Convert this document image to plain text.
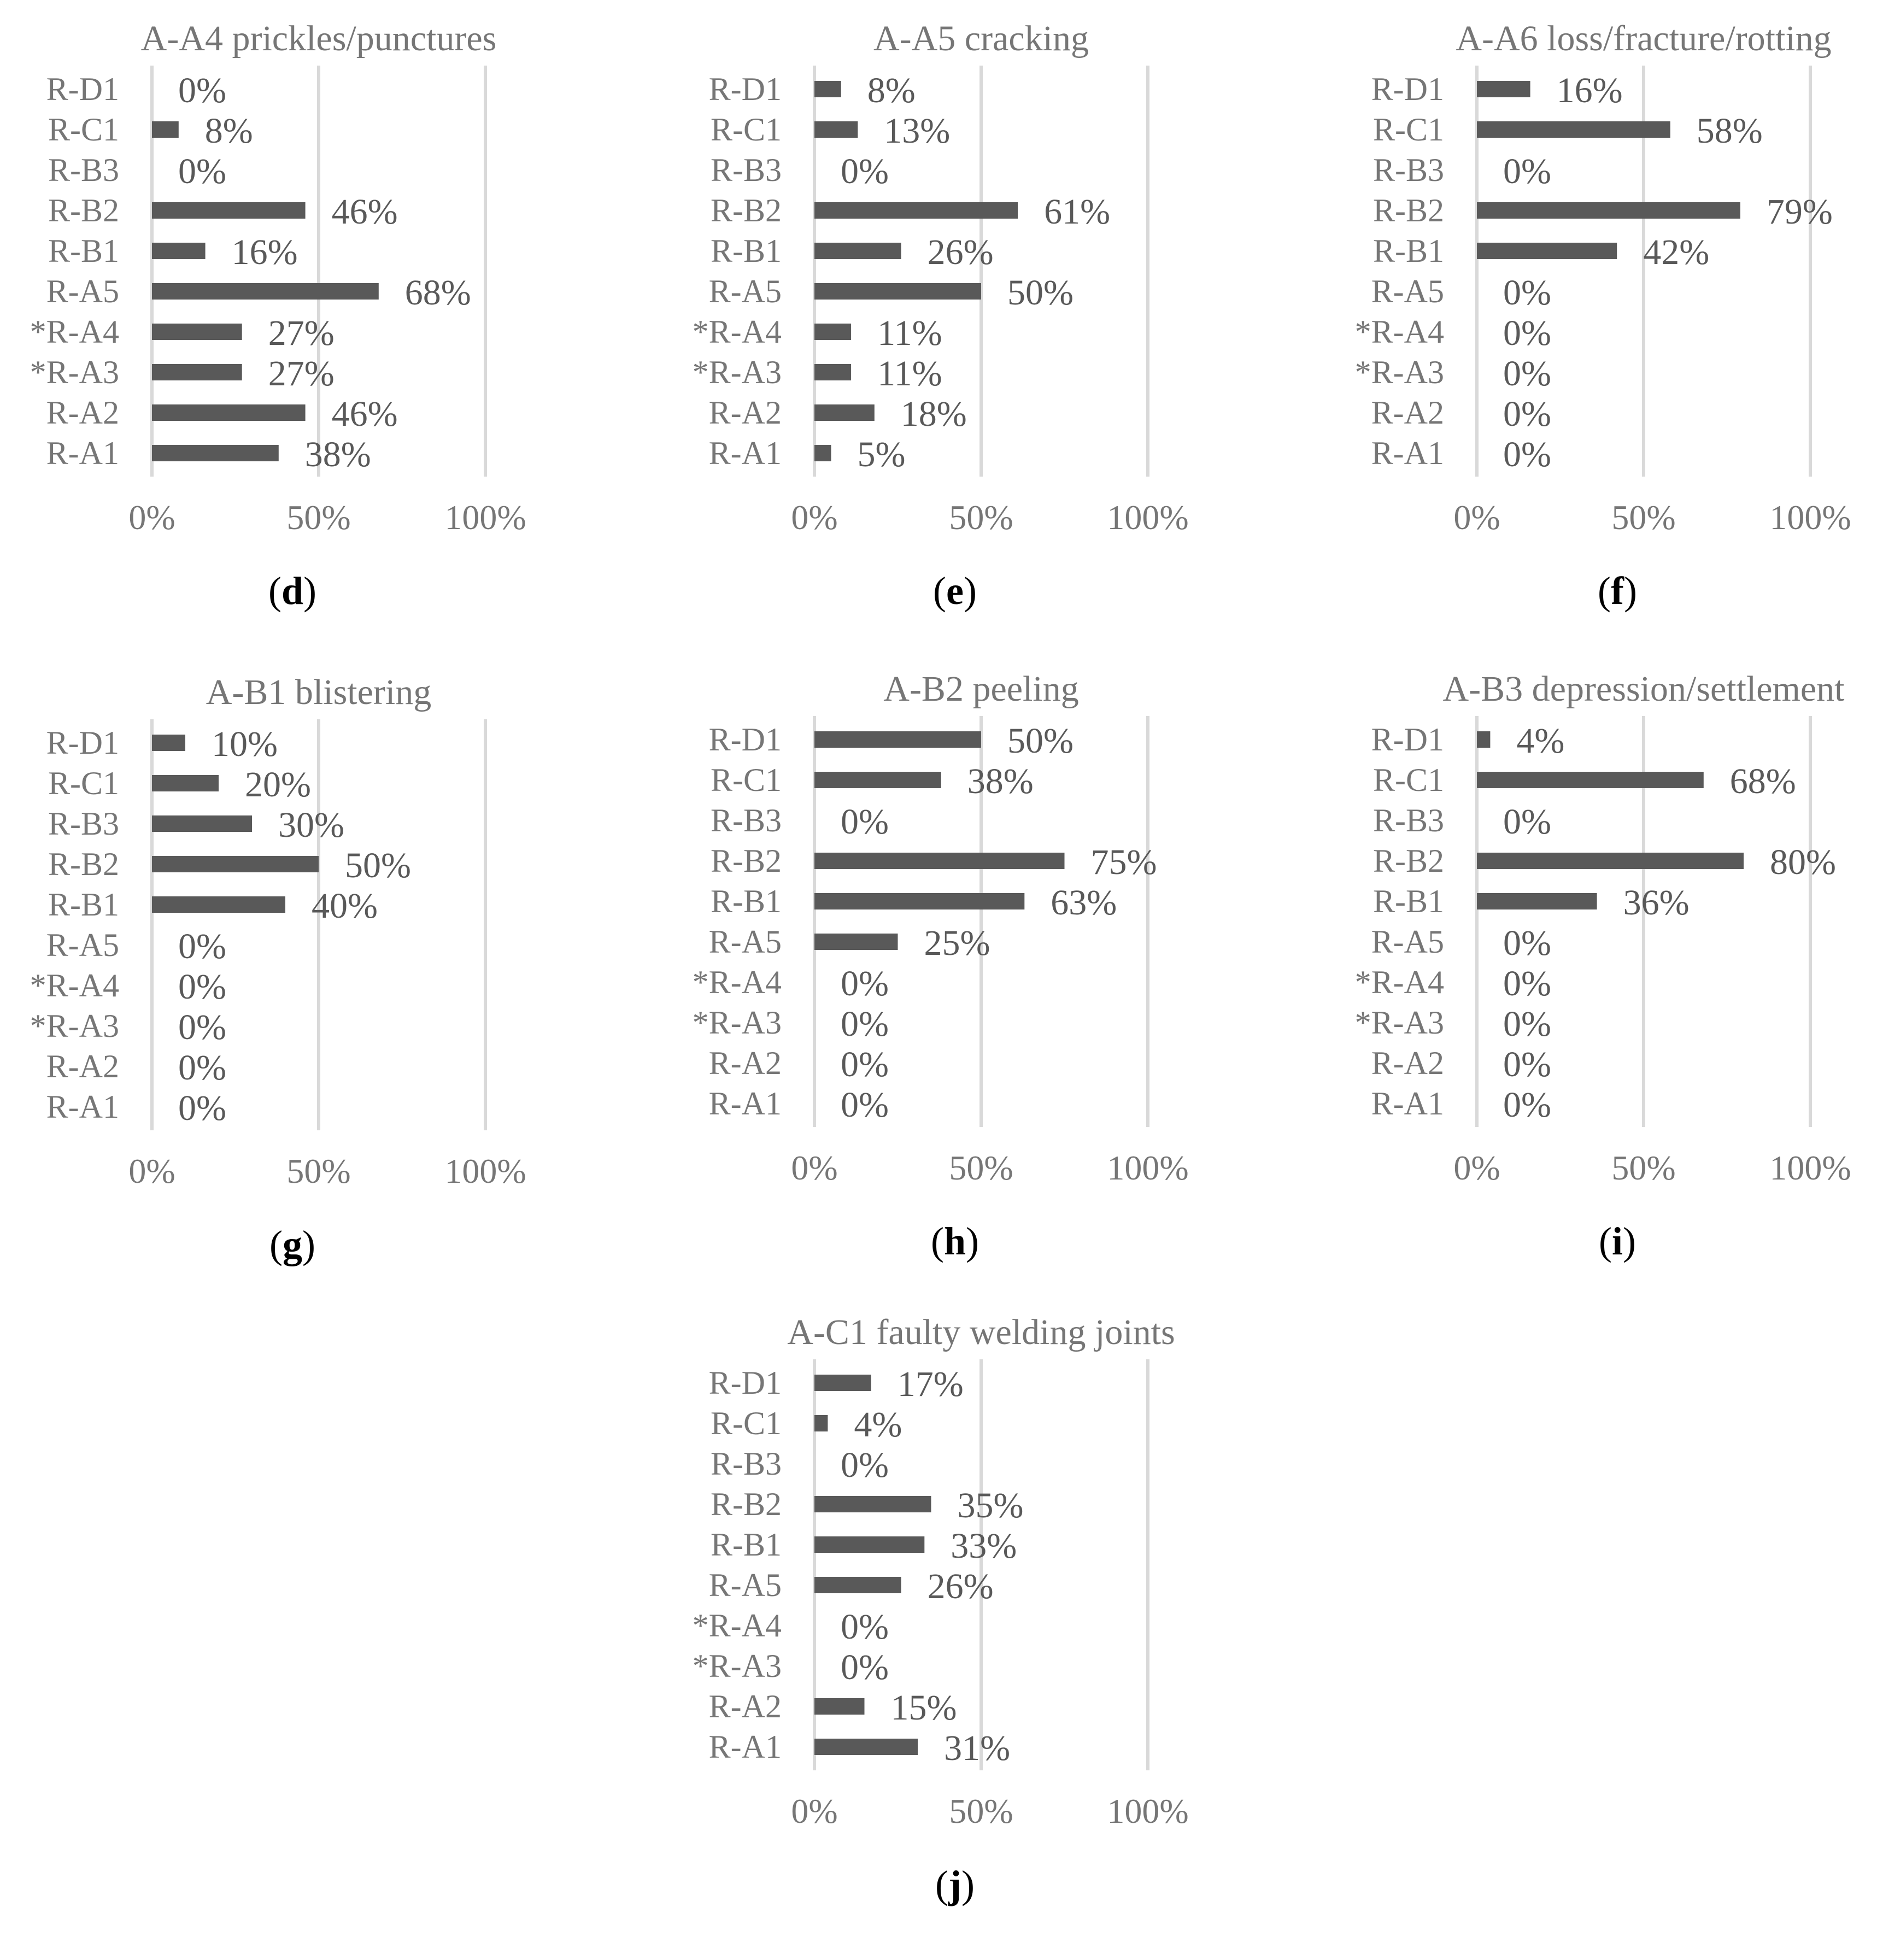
A-A4 prickles/punctures
0%	50%	100%
R-D1 0%
R-C1 8%
R-B3 0%
R-B2	46%
R-B1	16%
R-A5	68%
*R-A4	27%
*R-A3	27%
R-A2	46%
R-A1	38%
(d)
A-A5 cracking
0%	50%	100%
R-D1 8%
R-C1	13%
R-B3 0%
R-B2	61%
R-B1	26%
R-A5	50%
*R-A4	11%
*R-A3	11%
R-A2	18%
R-A1 5%
(e)
A-A6 loss/fracture/rotting
0%	50%	100%
R-D1	16%
R-C1	58%
R-B3 0%
R-B2	79%
R-B1	42%
R-A5 0%
*R-A4 0%
*R-A3 0%
R-A2 0%
R-A1 0%
(f)
A-B1 blistering
0%	50%	100%
R-D1	10%
R-C1	20%
R-B3	30%
R-B2	50%
R-B1	40%
R-A5 0%
*R-A4 0%
*R-A3 0%
R-A2 0%
R-A1 0%
(g)
A-B2 peeling
0%	50%	100%
R-D1	50%
R-C1	38%
R-B3 0%
R-B2	75%
R-B1	63%
R-A5	25%
*R-A4 0%
*R-A3 0%
R-A2 0%
R-A1 0%
(h)
A-B3 depression/settlement
0%	50%	100%
R-D1 4%
R-C1	68%
R-B3 0%
R-B2	80%
R-B1	36%
R-A5 0%
*R-A4 0%
*R-A3 0%
R-A2 0%
R-A1 0%
(i)
A-C1 faulty welding joints
0%	50%	100%
R-D1	17%
R-C1 4%
R-B3 0%
R-B2	35%
R-B1	33%
R-A5	26%
*R-A4 0%
*R-A3 0%
R-A2	15%
R-A1	31%
(j)
